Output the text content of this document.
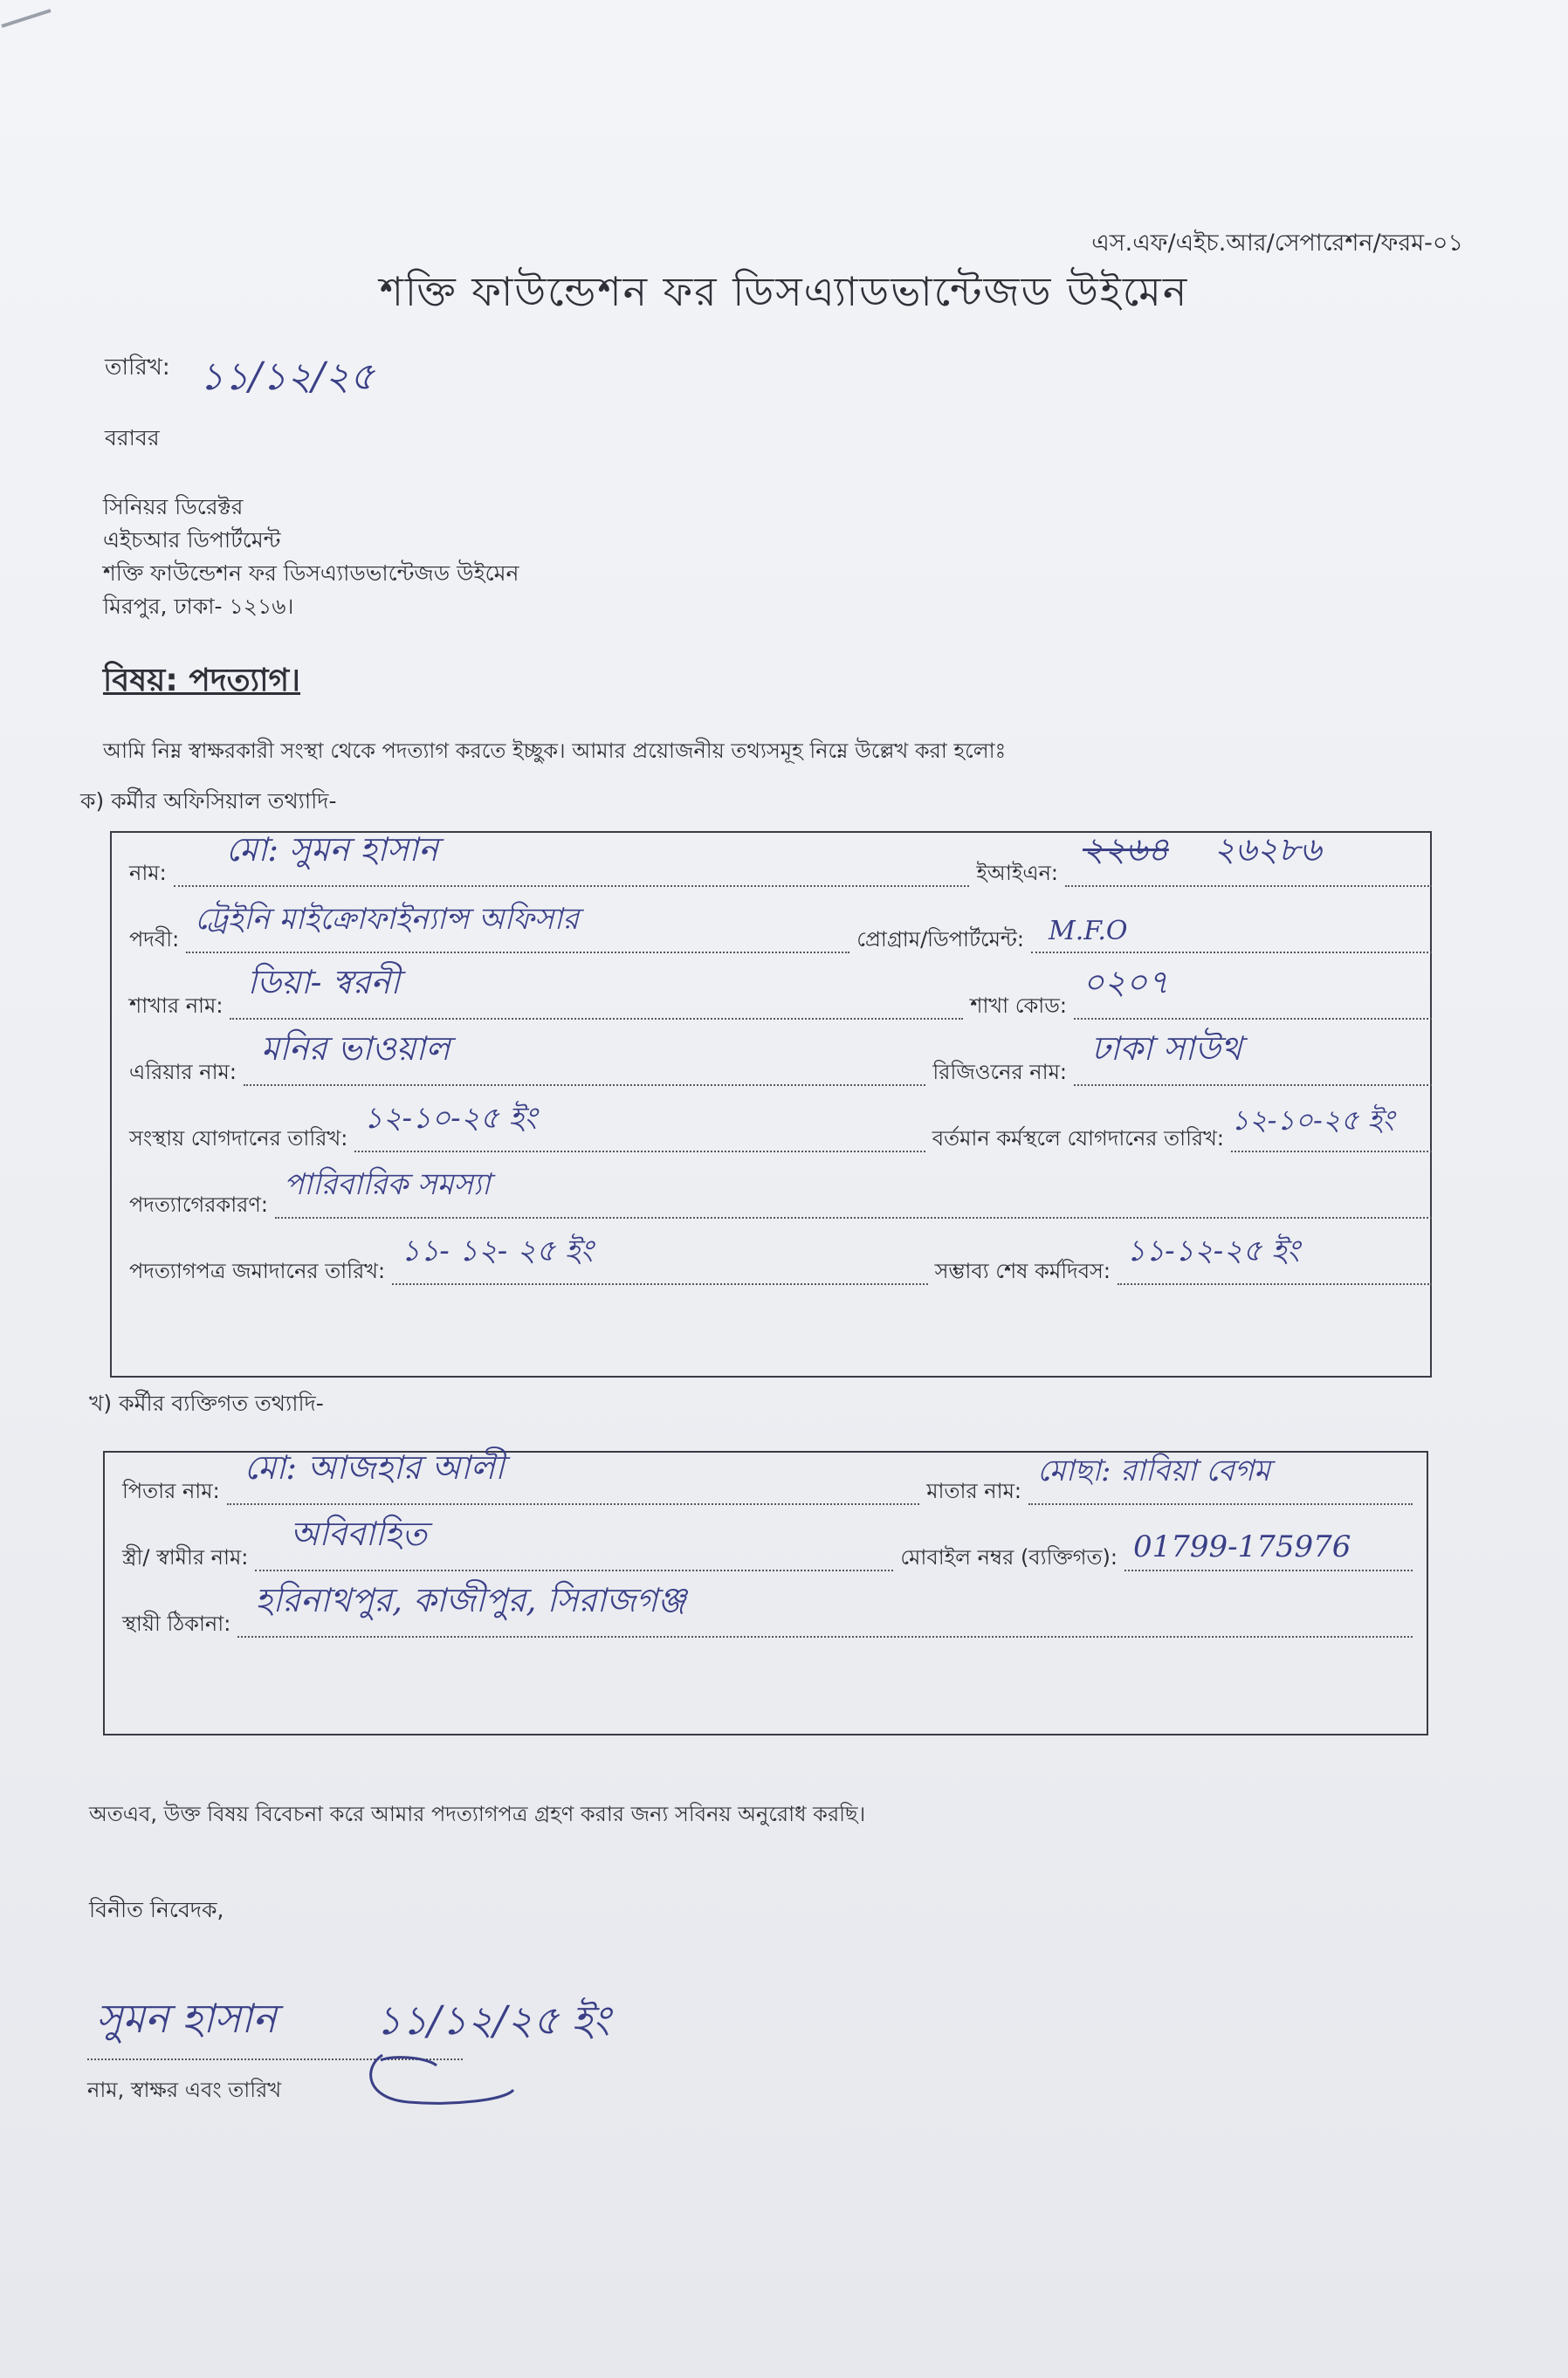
এস.এফ/এইচ.আর/সেপারেশন/ফরম-০১
শক্তি ফাউন্ডেশন ফর ডিসএ্যাডভান্টেজড উইমেন
তারিখ: ১১/১২/২৫
বরাবর
সিনিয়র ডিরেক্টর
এইচআর ডিপার্টমেন্ট
শক্তি ফাউন্ডেশন ফর ডিসএ্যাডভান্টেজড উইমেন
মিরপুর, ঢাকা- ১২১৬।
বিষয়: পদত্যাগ।
আমি নিম্ন স্বাক্ষরকারী সংস্থা থেকে পদত্যাগ করতে ইচ্ছুক। আমার প্রয়োজনীয় তথ্যসমূহ নিম্নে উল্লেখ করা হলোঃ
ক) কর্মীর অফিসিয়াল তথ্যাদি-
নাম:
মো: সুমন হাসান
ইআইএন:
২২৬৪ ২৬২৮৬
পদবী:
ট্রেইনি মাইক্রোফাইন্যান্স অফিসার
প্রোগ্রাম/ডিপার্টমেন্ট: M.F.O
শাখার নাম:
ডিয়া- স্বরনী
শাখা কোড:
০২০৭
এরিয়ার নাম:
মনির ভাওয়াল
রিজিওনের নাম:
ঢাকা সাউথ
সংস্থায় যোগদানের তারিখ:
১২-১০-২৫ ইং
বর্তমান কর্মস্থলে যোগদানের তারিখ:
১২-১০-২৫ ইং
পদত্যাগেরকারণ:
পারিবারিক সমস্যা
পদত্যাগপত্র জমাদানের তারিখ:
১১- ১২- ২৫ ইং
সম্ভাব্য শেষ কর্মদিবস:
১১-১২-২৫ ইং
খ) কর্মীর ব্যক্তিগত তথ্যাদি-
পিতার নাম:
মো: আজহার আলী
মাতার নাম:
মোছা: রাবিয়া বেগম
স্ত্রী/ স্বামীর নাম:
অবিবাহিত
মোবাইল নম্বর (ব্যক্তিগত): 01799-175976
স্থায়ী ঠিকানা:
হরিনাথপুর, কাজীপুর, সিরাজগঞ্জ
অতএব, উক্ত বিষয় বিবেচনা করে আমার পদত্যাগপত্র গ্রহণ করার জন্য সবিনয় অনুরোধ করছি।
বিনীত নিবেদক,
সুমন হাসান ১১/১২/২৫ ইং
নাম, স্বাক্ষর এবং তারিখ
